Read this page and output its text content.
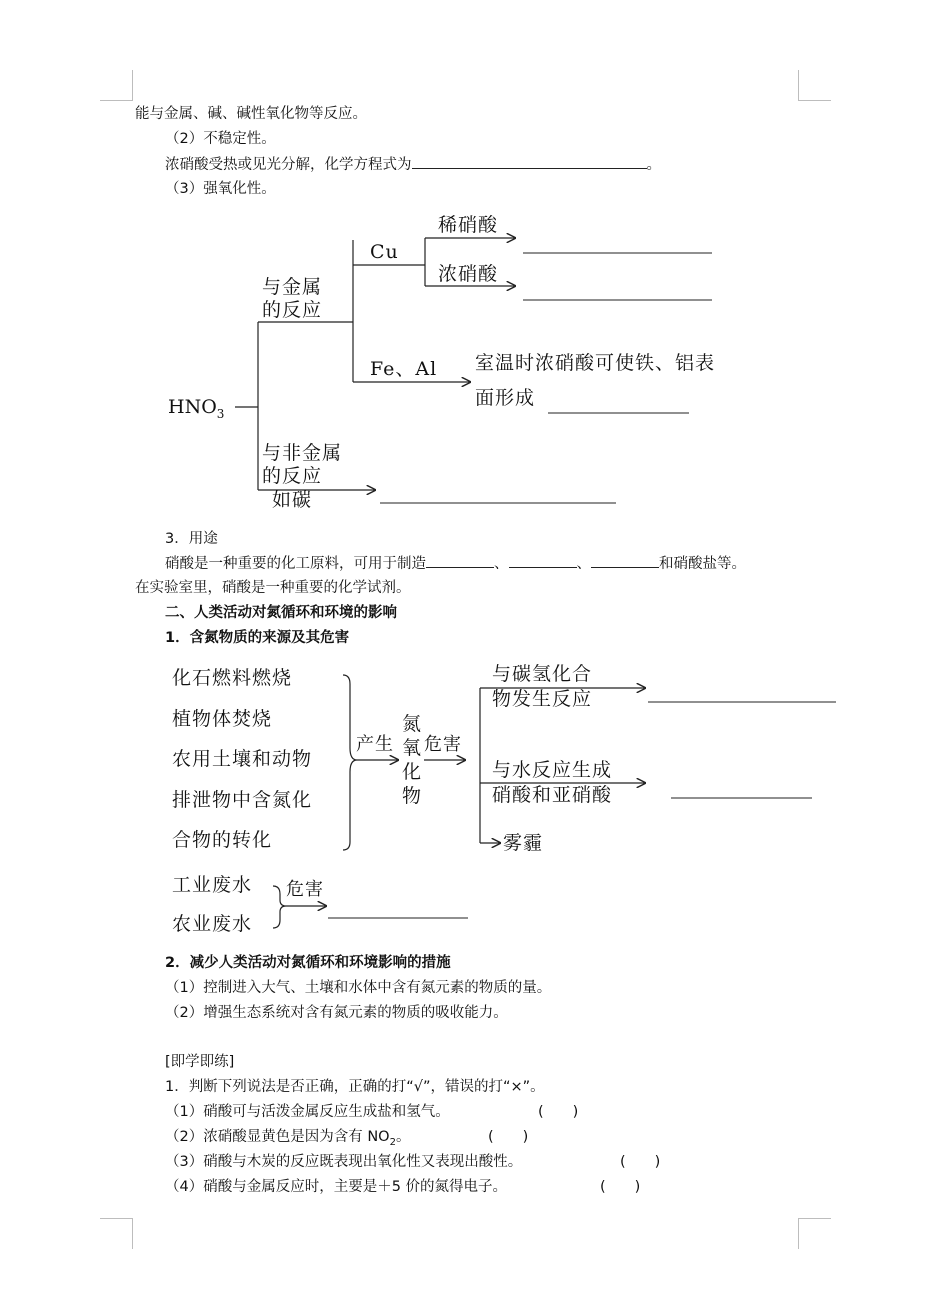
能与金属、碱、碱性氧化物等反应。
（2）不稳定性。
浓硝酸受热或见光分解，化学方程式为	。
（3）强氧化性。
$HNO_3$
与金属
的反应
Cu
稀硝酸
浓硝酸
Fe、Al 室温时浓硝酸可使铁、铝表
面形成
与非金属
的反应
如碳
3．用途
硝酸是一种重要的化工原料，可用于制造	、	、	和硝酸盐等。
在实验室里，硝酸是一种重要的化学试剂。
二、人类活动对氮循环和环境的影响
1．含氮物质的来源及其危害
化石燃料燃烧
植物体焚烧
农用土壤和动物
排泄物中含氮化
合物的转化
产生
氮
氧
化
物
危害
与碳氢化合
物发生反应
与水反应生成
硝酸和亚硝酸
雾霾
工业废水
农业废水
危害
2．减少人类活动对氮循环和环境影响的措施
（1）控制进入大气、土壤和水体中含有氮元素的物质的量。
（2）增强生态系统对含有氮元素的物质的吸收能力。
[即学即练]
1．判断下列说法是否正确，正确的打“√”，错误的打“×”。
（1）硝酸可与活泼金属反应生成盐和氢气。	(　　)
（2）浓硝酸显黄色是因为含有 $NO_2$。	(　　)
（3）硝酸与木炭的反应既表现出氧化性又表现出酸性。	(　　)
（4）硝酸与金属反应时，主要是＋5 价的氮得电子。	(　　)
